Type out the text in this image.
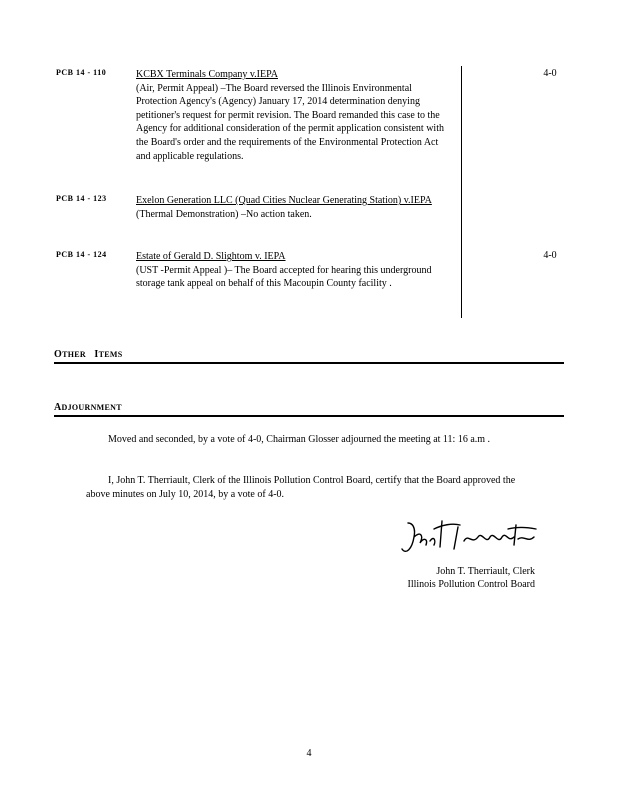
PCB 14 - 110	KCBX Terminals Company v.IEPA
(Air, Permit Appeal) –The Board reversed the Illinois Environmental Protection Agency's (Agency) January 17, 2014 determination denying petitioner's request for permit revision. The Board remanded this case to the Agency for additional consideration of the permit application consistent with the Board's order and the requirements of the Environmental Protection Act and applicable regulations.
4-0
PCB 14 - 123	Exelon Generation LLC (Quad Cities Nuclear Generating Station) v.IEPA
(Thermal Demonstration) –No action taken.
PCB 14 - 124	Estate of Gerald D. Slightom v. IEPA
(UST -Permit Appeal )– The Board accepted for hearing this underground storage tank appeal on behalf of this Macoupin County facility .
4-0
OTHER ITEMS
ADJOURNMENT
Moved and seconded, by a vote of 4-0, Chairman Glosser adjourned the meeting at 11: 16 a.m .
I, John T. Therriault, Clerk of the Illinois Pollution Control Board, certify that the Board approved the above minutes on July 10, 2014, by a vote of 4-0.
John T. Therriault, Clerk
Illinois Pollution Control Board
4
